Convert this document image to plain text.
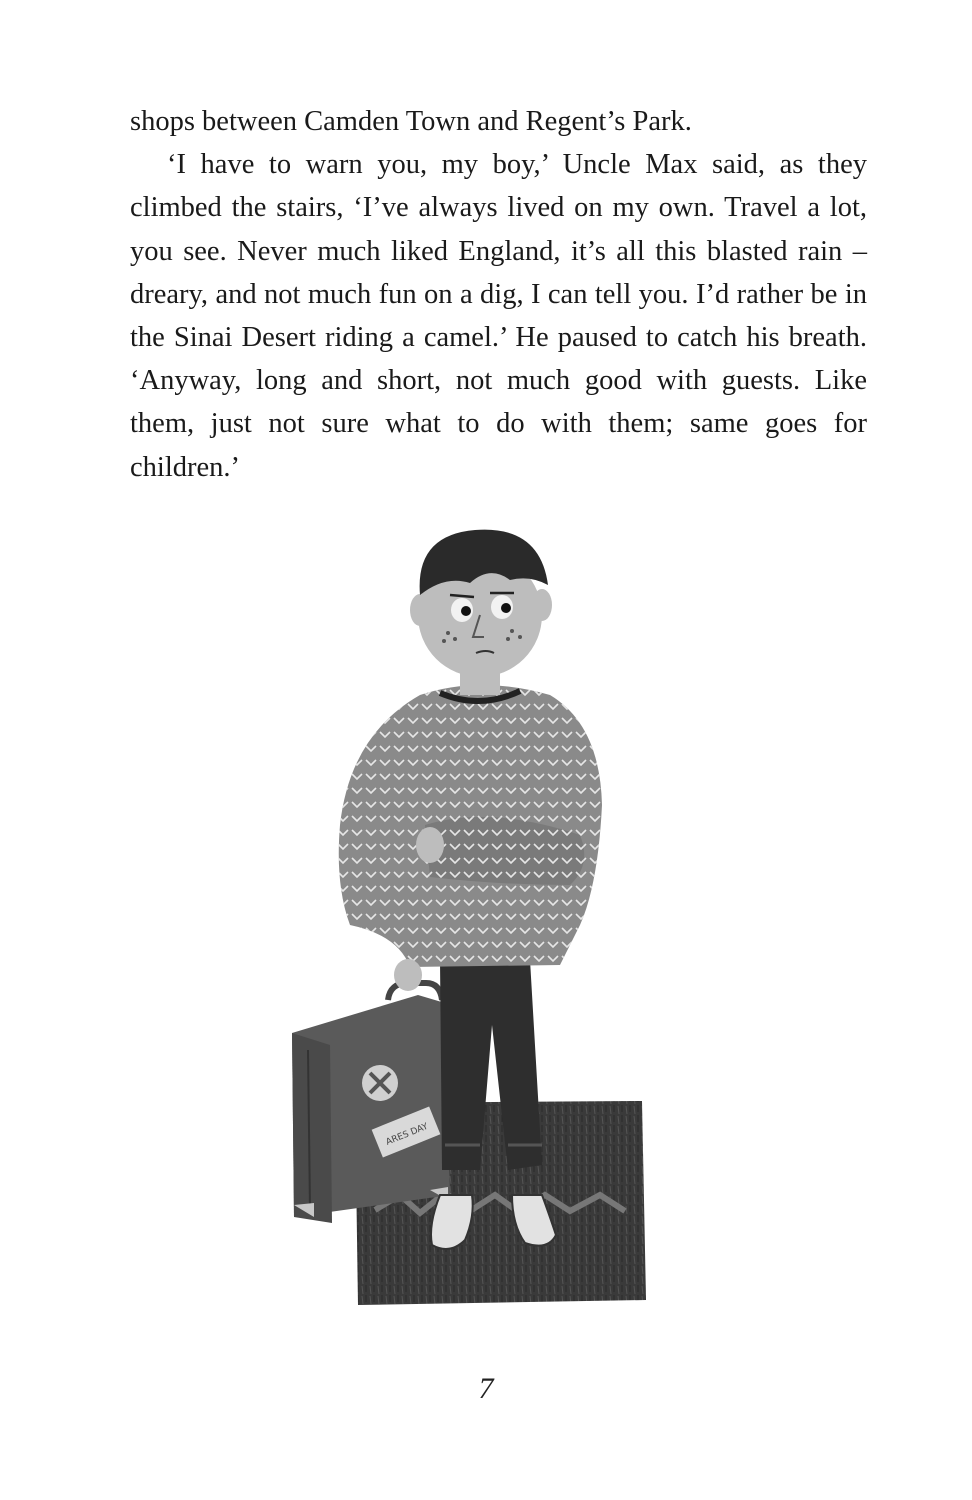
shops between Camden Town and Regent’s Park.

‘I have to warn you, my boy,’ Uncle Max said, as they climbed the stairs, ‘I’ve always lived on my own. Travel a lot, you see. Never much liked England, it’s all this blasted rain – dreary, and not much fun on a dig, I can tell you. I’d rather be in the Sinai Desert riding a camel.’ He paused to catch his breath. ‘Anyway, long and short, not much good with guests. Like them, just not sure what to do with them; same goes for children.’

ARES DAY
7
